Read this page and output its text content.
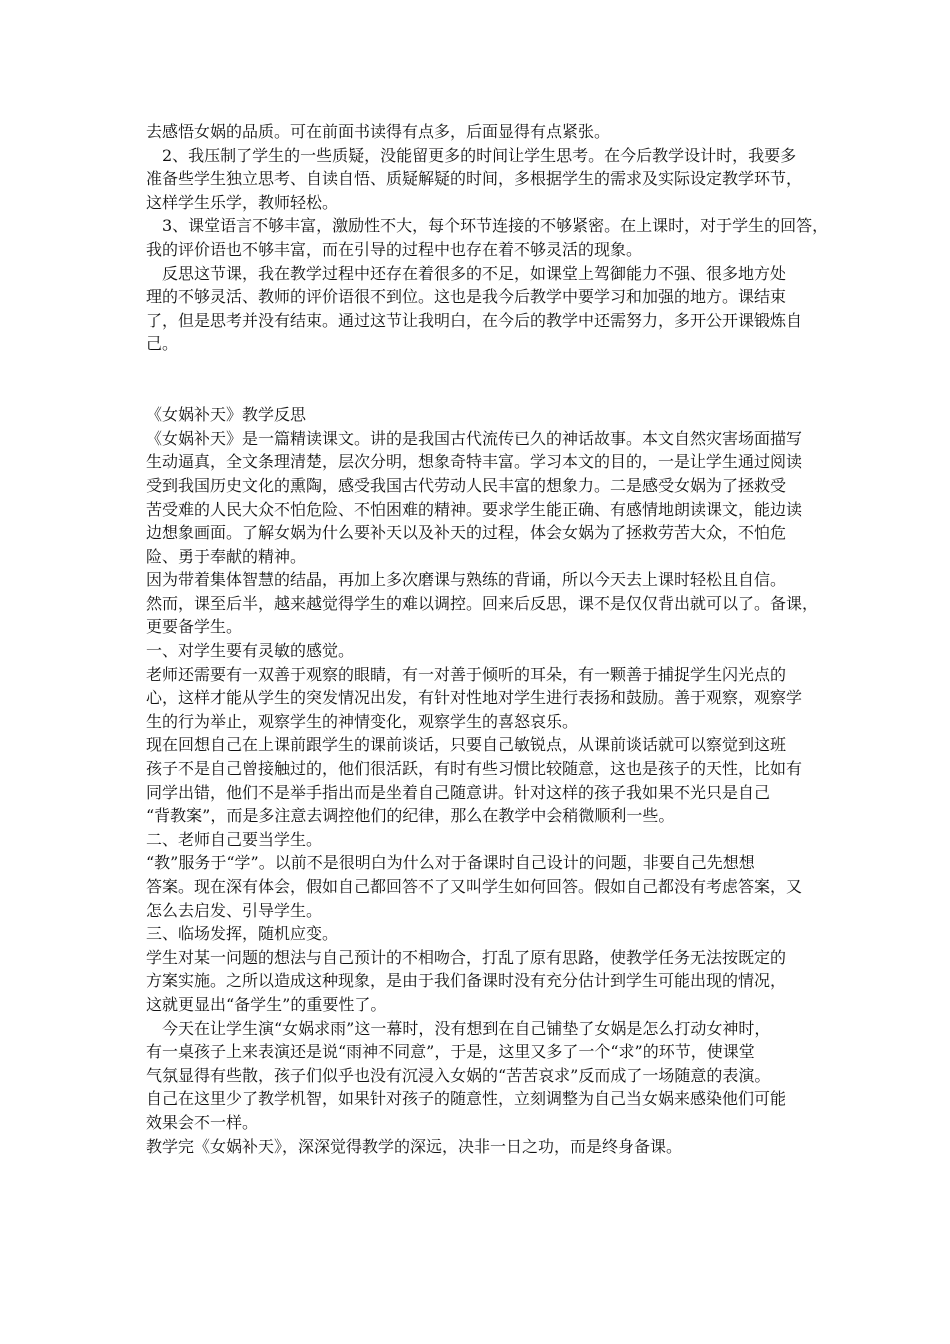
去感悟女娲的品质。可在前面书读得有点多，后面显得有点紧张。
2、我压制了学生的一些质疑，没能留更多的时间让学生思考。在今后教学设计时，我要多
准备些学生独立思考、自读自悟、质疑解疑的时间，多根据学生的需求及实际设定教学环节，
这样学生乐学，教师轻松。
3、课堂语言不够丰富，激励性不大，每个环节连接的不够紧密。在上课时，对于学生的回答，
我的评价语也不够丰富，而在引导的过程中也存在着不够灵活的现象。
反思这节课，我在教学过程中还存在着很多的不足，如课堂上驾御能力不强、很多地方处
理的不够灵活、教师的评价语很不到位。这也是我今后教学中要学习和加强的地方。课结束
了，但是思考并没有结束。通过这节让我明白，在今后的教学中还需努力，多开公开课锻炼自
己。
《女娲补天》教学反思
《女娲补天》是一篇精读课文。讲的是我国古代流传已久的神话故事。本文自然灾害场面描写
生动逼真，全文条理清楚，层次分明，想象奇特丰富。学习本文的目的，一是让学生通过阅读
受到我国历史文化的熏陶，感受我国古代劳动人民丰富的想象力。二是感受女娲为了拯救受
苦受难的人民大众不怕危险、不怕困难的精神。要求学生能正确、有感情地朗读课文，能边读
边想象画面。了解女娲为什么要补天以及补天的过程，体会女娲为了拯救劳苦大众，不怕危
险、勇于奉献的精神。
因为带着集体智慧的结晶，再加上多次磨课与熟练的背诵，所以今天去上课时轻松且自信。
然而，课至后半，越来越觉得学生的难以调控。回来后反思，课不是仅仅背出就可以了。备课，
更要备学生。
一、对学生要有灵敏的感觉。
老师还需要有一双善于观察的眼睛，有一对善于倾听的耳朵，有一颗善于捕捉学生闪光点的
心，这样才能从学生的突发情况出发，有针对性地对学生进行表扬和鼓励。善于观察，观察学
生的行为举止，观察学生的神情变化，观察学生的喜怒哀乐。
现在回想自己在上课前跟学生的课前谈话，只要自己敏锐点，从课前谈话就可以察觉到这班
孩子不是自己曾接触过的，他们很活跃，有时有些习惯比较随意，这也是孩子的天性，比如有
同学出错，他们不是举手指出而是坐着自己随意讲。针对这样的孩子我如果不光只是自己
“背教案”，而是多注意去调控他们的纪律，那么在教学中会稍微顺利一些。
二、老师自己要当学生。
“教”服务于“学”。以前不是很明白为什么对于备课时自己设计的问题，非要自己先想想
答案。现在深有体会，假如自己都回答不了又叫学生如何回答。假如自己都没有考虑答案，又
怎么去启发、引导学生。
三、临场发挥，随机应变。
学生对某一问题的想法与自己预计的不相吻合，打乱了原有思路，使教学任务无法按既定的
方案实施。之所以造成这种现象，是由于我们备课时没有充分估计到学生可能出现的情况，
这就更显出“备学生”的重要性了。
今天在让学生演“女娲求雨”这一幕时，没有想到在自己铺垫了女娲是怎么打动女神时，
有一桌孩子上来表演还是说“雨神不同意”，于是，这里又多了一个“求”的环节，使课堂
气氛显得有些散，孩子们似乎也没有沉浸入女娲的“苦苦哀求”反而成了一场随意的表演。
自己在这里少了教学机智，如果针对孩子的随意性，立刻调整为自己当女娲来感染他们可能
效果会不一样。
教学完《女娲补天》，深深觉得教学的深远，决非一日之功，而是终身备课。
